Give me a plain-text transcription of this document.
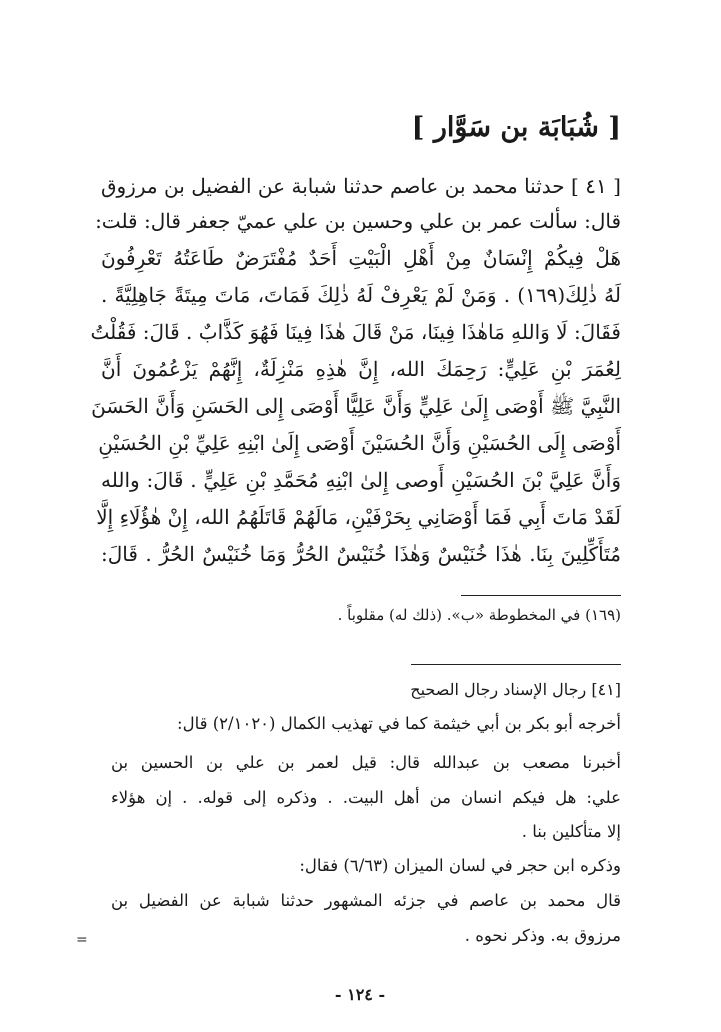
[ شُبَابَة بن سَوَّار ]
[ ٤١ ] حدثنا محمد بن عاصم حدثنا شبابة عن الفضيل بن مرزوق
قال: سألت عمر بن علي وحسين بن علي عميّ جعفر قال: قلت:
هَلْ فِيكُمْ إِنْسَانٌ مِنْ أَهْلِ الْبَيْتِ أَحَدٌ مُفْتَرَضٌ طَاعَتُهُ تَعْرِفُونَ
لَهُ ذٰلِكَ(١٦٩) . وَمَنْ لَمْ يَعْرِفْ لَهُ ذٰلِكَ فَمَاتَ، مَاتَ مِيتَةً جَاهِلِيَّةً .
فَقَالَ: لَا وَاللهِ مَاهٰذَا فِينَا، مَنْ قَالَ هٰذَا فِينَا فَهُوَ كَذَّابٌ . قَالَ: فَقُلْتُ
لِعُمَرَ بْنِ عَلِيٍّ: رَحِمَكَ الله، إِنَّ هٰذِهِ مَنْزِلَةٌ، إِنَّهُمْ يَزْعُمُونَ أَنَّ
النَّبِيَّ ﷺ أَوْصَى إِلَىٰ عَلِيٍّ وَأَنَّ عَلِيًّا أَوْصَى إِلى الحَسَنِ وَأَنَّ الحَسَنَ
أَوْصَى إِلَى الحُسَيْنِ وَأَنَّ الحُسَيْنَ أَوْصَى إِلَىٰ ابْنِهِ عَلِيِّ بْنِ الحُسَيْنِ
وَأَنَّ عَلِيَّ بْنَ الحُسَيْنِ أَوصى إِلىٰ ابْنِهِ مُحَمَّدِ بْنِ عَلِيٍّ . قَالَ: والله
لَقَدْ مَاتَ أَبِي فَمَا أَوْصَانِي بِحَرْفَيْنِ، مَالَهُمْ قَاتَلَهُمُ الله، إِنْ هٰؤُلَاءِ إِلَّا
مُتَأَكِّلِينَ بِنَا. هٰذَا خُنَيْسٌ وَهٰذَا خُنَيْسٌ الحُرُّ وَمَا خُنَيْسٌ الحُرُّ . قَالَ:
(١٦٩) في المخطوطة «ب». (ذلك له) مقلوباً .
[٤١] رجال الإسناد رجال الصحيح
أخرجه أبو بكر بن أبي خيثمة كما في تهذيب الكمال (٢/١٠٢٠) قال:
أخبرنا مصعب بن عبدالله قال: قيل لعمر بن علي بن الحسين بن
علي: هل فيكم انسان من أهل البيت. . وذكره إلى قوله. . إن هؤلاء
إلا متأكلين بنا .
وذكره ابن حجر في لسان الميزان (٦/٦٣) فقال:
قال محمد بن عاصم في جزئه المشهور حدثنا شبابة عن الفضيل بن
مرزوق به. وذكر نحوه .
- ١٢٤ -
=
